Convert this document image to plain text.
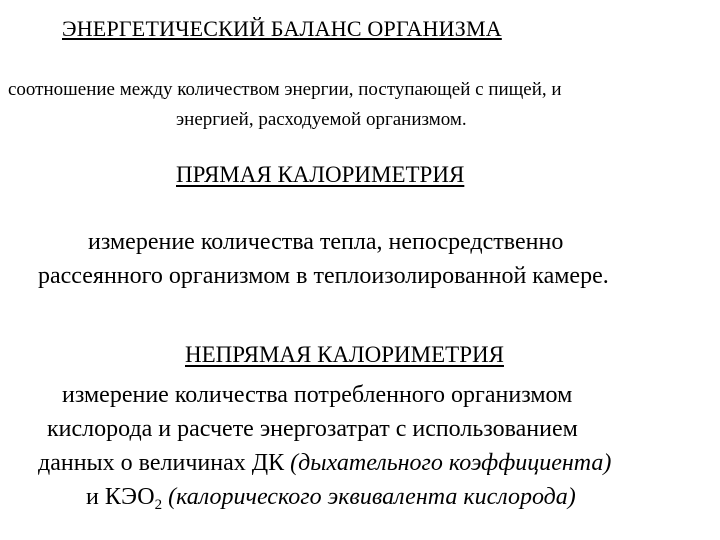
ЭНЕРГЕТИЧЕСКИЙ БАЛАНС ОРГАНИЗМА
соотношение между количеством энергии, поступающей с пищей, и
энергией, расходуемой организмом.
ПРЯМАЯ КАЛОРИМЕТРИЯ
измерение количества тепла, непосредственно
рассеянного организмом в теплоизолированной камере.
НЕПРЯМАЯ КАЛОРИМЕТРИЯ
измерение количества потребленного организмом
кислорода и расчете энергозатрат с использованием
данных о величинах ДК (дыхательного коэффициента)
и $КЭО_2$ (калорического эквивалента кислорода)
